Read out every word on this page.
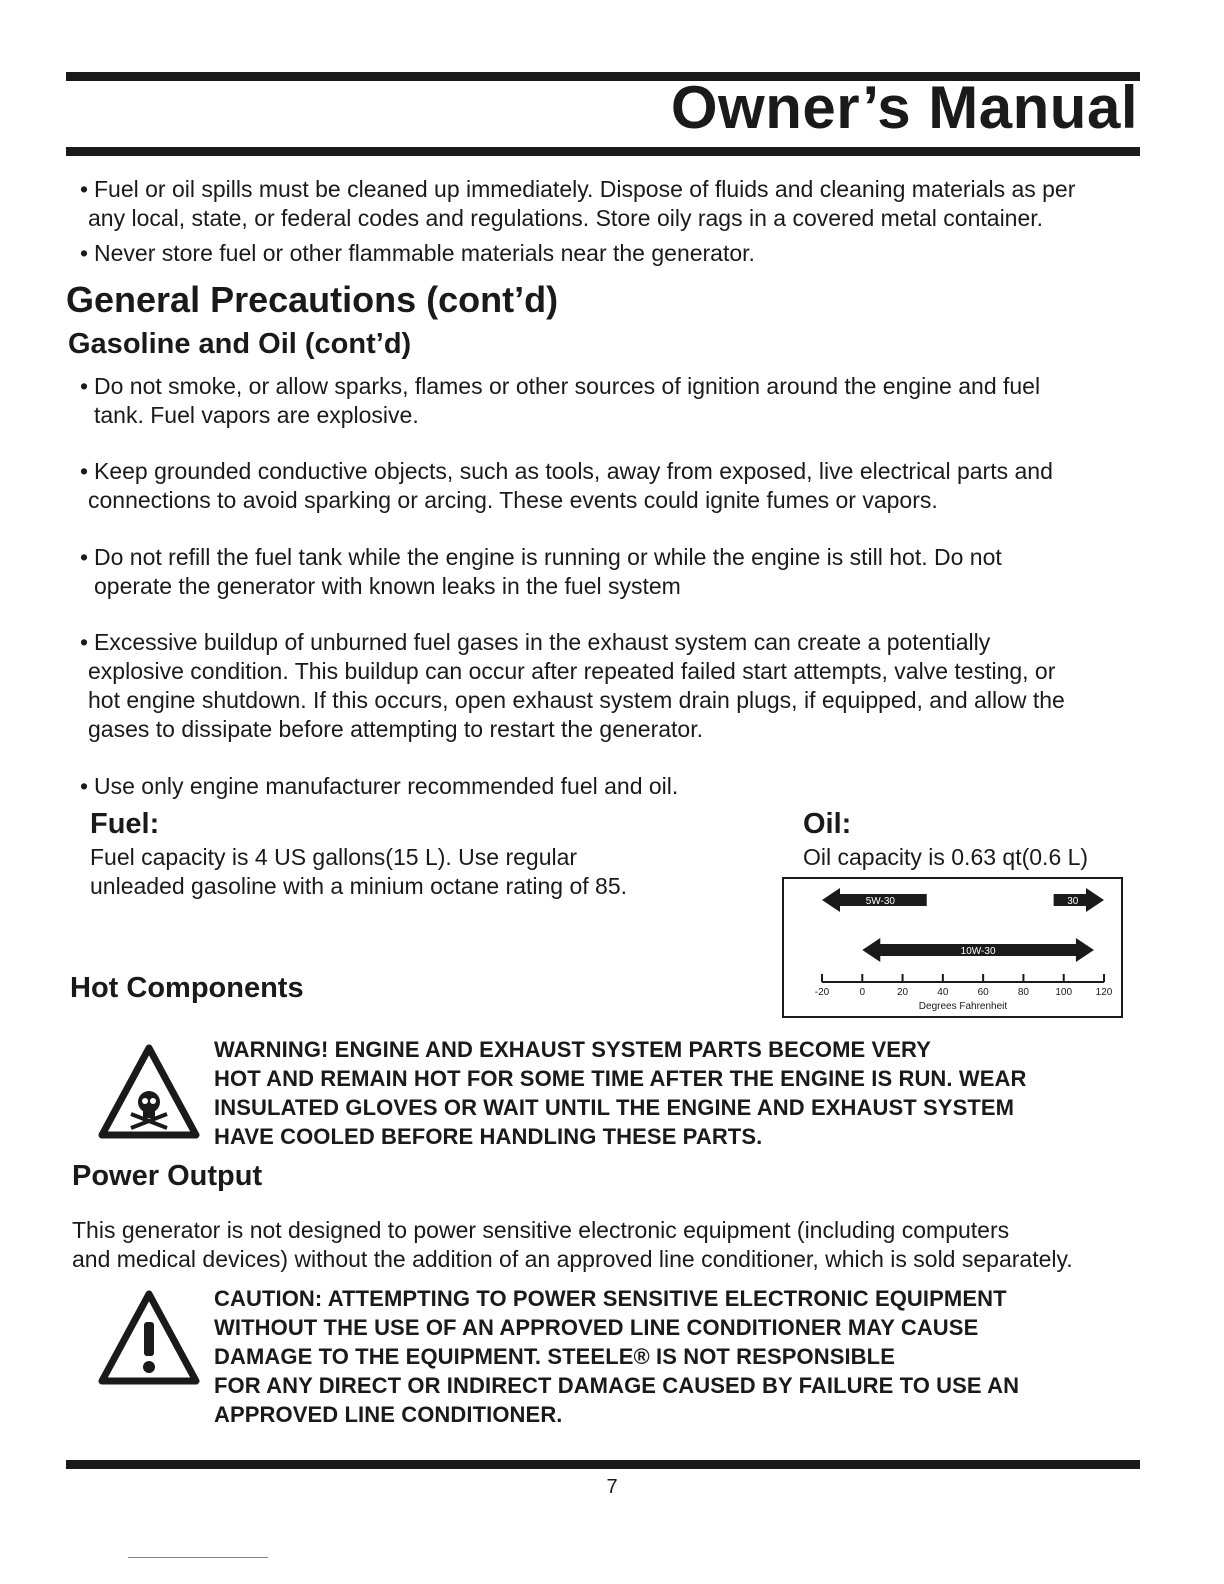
Owner’s Manual
• Fuel or oil spills must be cleaned up immediately. Dispose of fluids and cleaning materials as per
any local, state, or federal codes and regulations. Store oily rags in a covered metal container.
• Never store fuel or other flammable materials near the generator.
General Precautions (cont’d)
Gasoline and Oil (cont’d)
• Do not smoke, or allow sparks, flames or other sources of ignition around the engine and fuel
tank. Fuel vapors are explosive.
• Keep grounded conductive objects, such as tools, away from exposed, live electrical parts and
connections to avoid sparking or arcing. These events could ignite fumes or vapors.
• Do not refill the fuel tank while the engine is running or while the engine is still hot. Do not
operate the generator with known leaks in the fuel system
• Excessive buildup of unburned fuel gases in the exhaust system can create a potentially
explosive condition. This buildup can occur after repeated failed start attempts, valve testing, or
hot engine shutdown. If this occurs, open exhaust system drain plugs, if equipped, and allow the
gases to dissipate before attempting to restart the generator.
• Use only engine manufacturer recommended fuel and oil.
Fuel:
Fuel capacity is 4 US gallons(15 L). Use regular
unleaded gasoline with a minium octane rating of 85.
Oil:
Oil capacity is 0.63 qt(0.6 L)
5W-30	30
10W-30
-20	0	20	40	60	80	100 120
Degrees Fahrenheit
Hot Components
WARNING! ENGINE AND EXHAUST SYSTEM PARTS BECOME VERY
HOT AND REMAIN HOT FOR SOME TIME AFTER THE ENGINE IS RUN. WEAR
INSULATED GLOVES OR WAIT UNTIL THE ENGINE AND EXHAUST SYSTEM
HAVE COOLED BEFORE HANDLING THESE PARTS.
Power Output
This generator is not designed to power sensitive electronic equipment (including computers
and medical devices) without the addition of an approved line conditioner, which is sold separately.
CAUTION: ATTEMPTING TO POWER SENSITIVE ELECTRONIC EQUIPMENT
WITHOUT THE USE OF AN APPROVED LINE CONDITIONER MAY CAUSE
DAMAGE TO THE EQUIPMENT. STEELE® IS NOT RESPONSIBLE
FOR ANY DIRECT OR INDIRECT DAMAGE CAUSED BY FAILURE TO USE AN
APPROVED LINE CONDITIONER.
7
